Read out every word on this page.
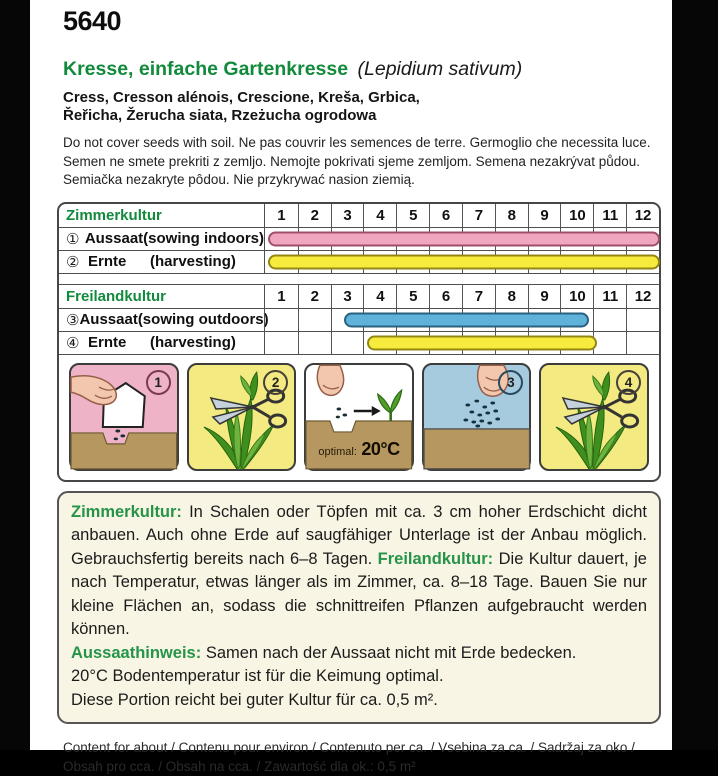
5640
Kresse, einfache Gartenkresse (Lepidium sativum)
Cress, Cresson alénois, Crescione, Kreša, Grbica,
Řeřicha, Žerucha siata, Rzeżucha ogrodowa
Do not cover seeds with soil. Ne pas couvrir les semences de terre. Germoglio che necessita luce.
Semen ne smete prekriti z zemljo. Nemojte pokrivati sjeme zemljom. Semena nezakrývat půdou.
Semiačka nezakryte pôdou. Nie przykrywać nasion ziemią.
Zimmerkultur	1	2	3	4	5	6	7	8	9	10	11	12
① Aussaat (sowing indoors)
② Ernte	(harvesting)
Freilandkultur	1	2	3	4	5	6	7	8	9	10	11	12
③ Aussaat (sowing outdoors)
④ Ernte	(harvesting)
1	2
optimal: 20°C
3	4

Zimmerkultur: In Schalen oder Töpfen mit ca. 3 cm hoher Erdschicht dicht anbauen. Auch ohne Erde auf saugfähiger Unterlage ist der Anbau möglich. Gebrauchsfertig bereits nach 6–8 Tagen. Freilandkultur: Die Kultur dauert, je nach Temperatur, etwas länger als im Zimmer, ca. 8–18 Tage. Bauen Sie nur kleine Flächen an, sodass die schnittreifen Pflanzen aufgebraucht werden können.

Aussaathinweis: Samen nach der Aussaat nicht mit Erde bedecken.

20°C Bodentemperatur ist für die Keimung optimal.

Diese Portion reicht bei guter Kultur für ca. 0,5 m².

Content for about / Contenu pour environ / Contenuto per ca. / Vsebina za ca. / Sadržaj za oko /
Obsah pro cca. / Obsah na cca. / Zawartość dla ok.: 0,5 m²
